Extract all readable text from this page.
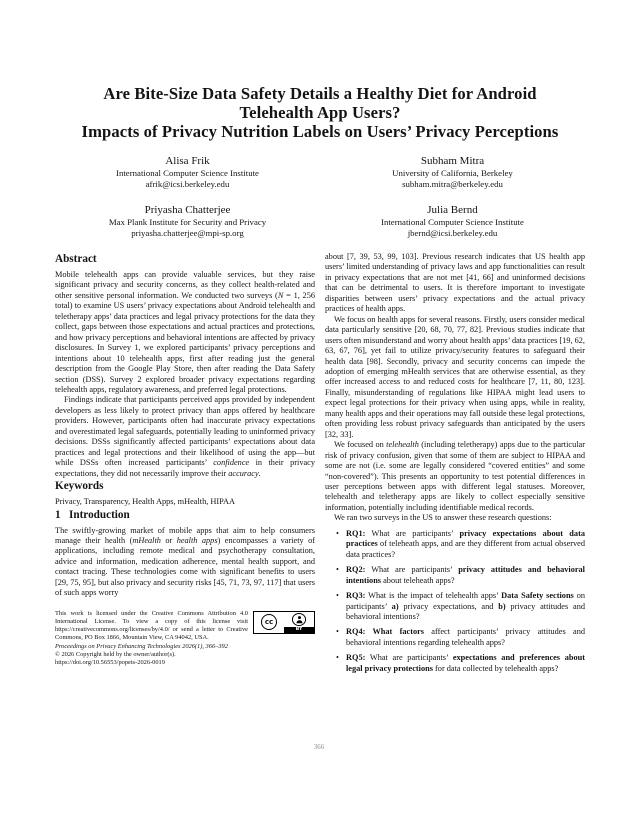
Are Bite-Size Data Safety Details a Healthy Diet for Android
Telehealth App Users?
Impacts of Privacy Nutrition Labels on Users’ Privacy Perceptions
Alisa Frik
International Computer Science Institute
afrik@icsi.berkeley.edu
Subham Mitra
University of California, Berkeley
subham.mitra@berkeley.edu
Priyasha Chatterjee
Max Plank Institute for Security and Privacy
priyasha.chatterjee@mpi-sp.org
Julia Bernd
International Computer Science Institute
jbernd@icsi.berkeley.edu
Abstract

Mobile telehealth apps can provide valuable services, but they raise significant privacy and security concerns, as they collect health-related and other sensitive personal information. We conducted two surveys (N = 1, 256 total) to examine US users’ privacy expectations about Android telehealth and teletherapy apps’ data practices and legal privacy protections for the data they collect, gaps between those expectations and actual practices and protections, and how privacy perceptions and behavioral intentions are affected by privacy disclosures. In Survey 1, we explored participants’ privacy perceptions and intentions about 10 telehealth apps, first after reading just the general description from the Google Play Store, then after reading the Data Safety section (DSS). Survey 2 explored broader privacy expectations regarding telehealth apps, regulatory awareness, and preferred legal protections.

Findings indicate that participants perceived apps provided by independent developers as less likely to protect privacy than apps offered by healthcare providers. However, participants often had inaccurate privacy expectations and overestimated legal safeguards, potentially leading to uninformed privacy decisions. DSSs significantly affected participants’ expectations about data practices and legal protections and their likelihood of using the app—but while DSSs often increased participants’ confidence in their privacy expectations, they did not necessarily improve their accuracy.

Keywords

Privacy, Transparency, Health Apps, mHealth, HIPAA

1 Introduction

The swiftly-growing market of mobile apps that aim to help consumers manage their health (mHealth or health apps) encompasses a variety of applications, including remote medical and psychotherapy consultation, advice and information, medication adherence, mental health support, and contact tracing. These technologies come with significant benefits to users [29, 75, 95], but also privacy and security risks [45, 71, 73, 97, 117] that users of such apps worry

cc
BY

This work is licensed under the Creative Commons Attribution 4.0 International License. To view a copy of this license visit https://creativecommons.org/licenses/by/4.0/ or send a letter to Creative Commons, PO Box 1866, Mountain View, CA 94042, USA.

Proceedings on Privacy Enhancing Technologies 2026(1), 366–392

© 2026 Copyright held by the owner/author(s).

https://doi.org/10.56553/popets-2026-0019

about [7, 39, 53, 99, 103]. Previous research indicates that US health app users’ limited understanding of privacy laws and app functionalities can result in privacy expectations that are not met [41, 66] and uninformed decisions that can be detrimental to users. It is therefore important to investigate disparities between users’ privacy expectations and the actual privacy practices of health apps.

We focus on health apps for several reasons. Firstly, users consider medical data particularly sensitive [20, 68, 70, 77, 82]. Previous studies indicate that users often misunderstand and worry about health apps’ data practices [19, 62, 63, 67, 76], yet fail to utilize privacy/security features to safeguard their health data [98]. Secondly, privacy and security concerns can impede the adoption of emerging mHealth services that are otherwise essential, as they offer increased access to and reduced costs for healthcare [7, 11, 80, 123]. Finally, misunderstanding of regulations like HIPAA might lead users to expect legal protections for their privacy when using apps, while in reality, many health apps and their operations may fall outside these legal protections, often providing less robust privacy safeguards than anticipated by the users [32, 33].

We focused on telehealth (including teletherapy) apps due to the particular risk of privacy confusion, given that some of them are subject to HIPAA and some are not (i.e. some are legally considered “covered entities” and some “non-covered”). This presents an opportunity to test potential differences in user perceptions between apps with different legal statuses. Moreover, telehealth and teletherapy apps are likely to collect especially sensitive information, potentially including identifiable medical records.

We ran two surveys in the US to answer these research questions:

• RQ1: What are participants’ privacy expectations about data practices of teleheath apps, and are they different from actual observed data practices?
• RQ2: What are participants’ privacy attitudes and behavioral intentions about teleheath apps?
• RQ3: What is the impact of telehealth apps’ Data Safety sections on participants’ a) privacy expectations, and b) privacy attitudes and behavioral intentions?
• RQ4: What factors affect participants’ privacy attitudes and behavioral intentions regarding telehealth apps?
• RQ5: What are participants’ expectations and preferences about legal privacy protections for data collected by telehealth apps?
366
